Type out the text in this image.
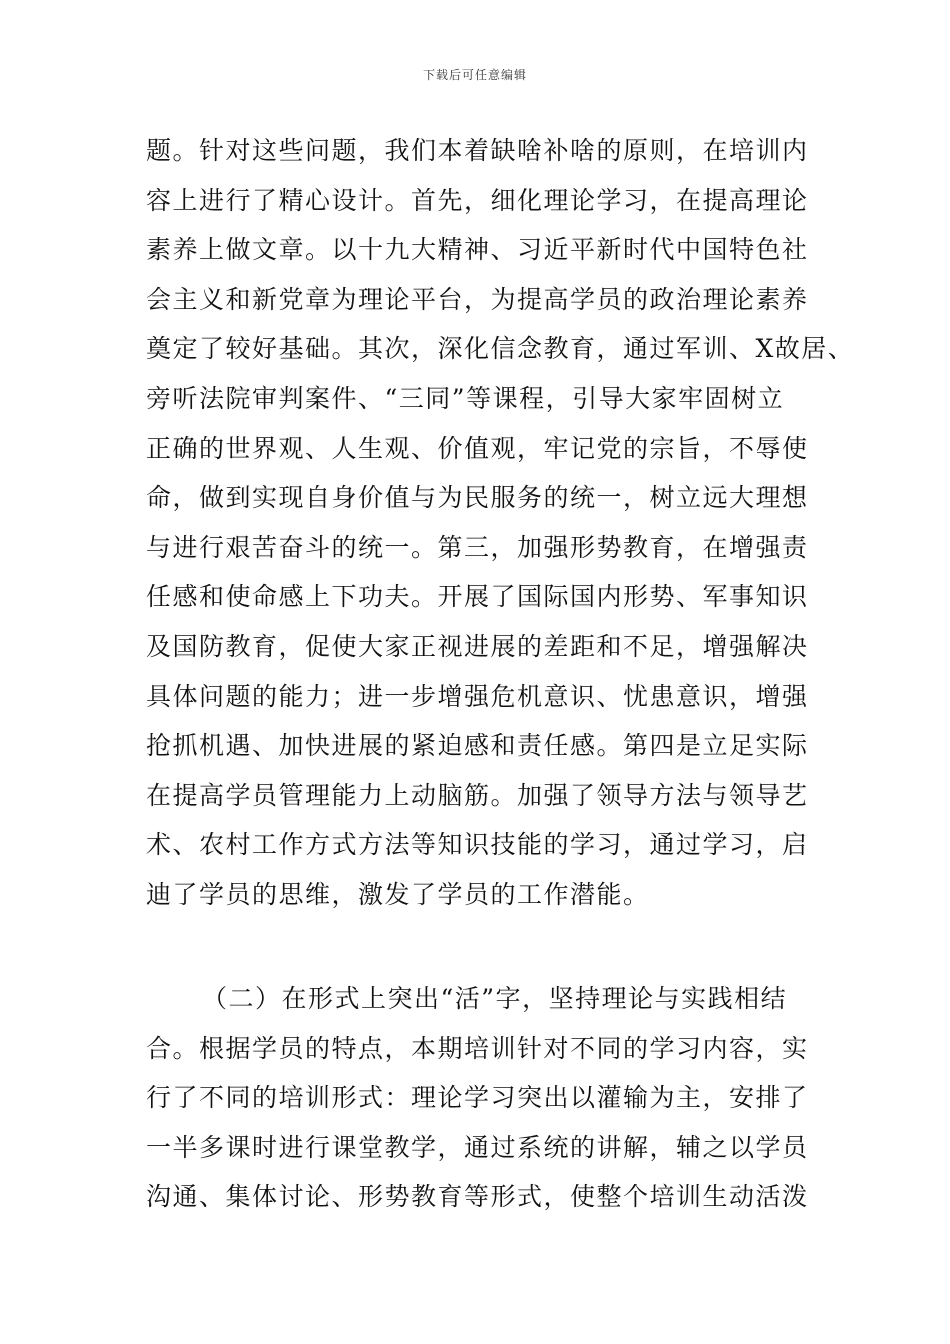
下载后可任意编辑
题。针对这些问题，我们本着缺啥补啥的原则，在培训内
容上进行了精心设计。首先，细化理论学习，在提高理论
素养上做文章。以十九大精神、习近平新时代中国特色社
会主义和新党章为理论平台，为提高学员的政治理论素养
奠定了较好基础。其次，深化信念教育，通过军训、X故居、
旁听法院审判案件、“三同”等课程，引导大家牢固树立
正确的世界观、人生观、价值观，牢记党的宗旨，不辱使
命，做到实现自身价值与为民服务的统一，树立远大理想
与进行艰苦奋斗的统一。第三，加强形势教育，在增强责
任感和使命感上下功夫。开展了国际国内形势、军事知识
及国防教育，促使大家正视进展的差距和不足，增强解决
具体问题的能力；进一步增强危机意识、忧患意识，增强
抢抓机遇、加快进展的紧迫感和责任感。第四是立足实际
在提高学员管理能力上动脑筋。加强了领导方法与领导艺
术、农村工作方式方法等知识技能的学习，通过学习，启
迪了学员的思维，激发了学员的工作潜能。
（二）在形式上突出“活”字，坚持理论与实践相结
合。根据学员的特点，本期培训针对不同的学习内容，实
行了不同的培训形式：理论学习突出以灌输为主，安排了
一半多课时进行课堂教学，通过系统的讲解，辅之以学员
沟通、集体讨论、形势教育等形式，使整个培训生动活泼
